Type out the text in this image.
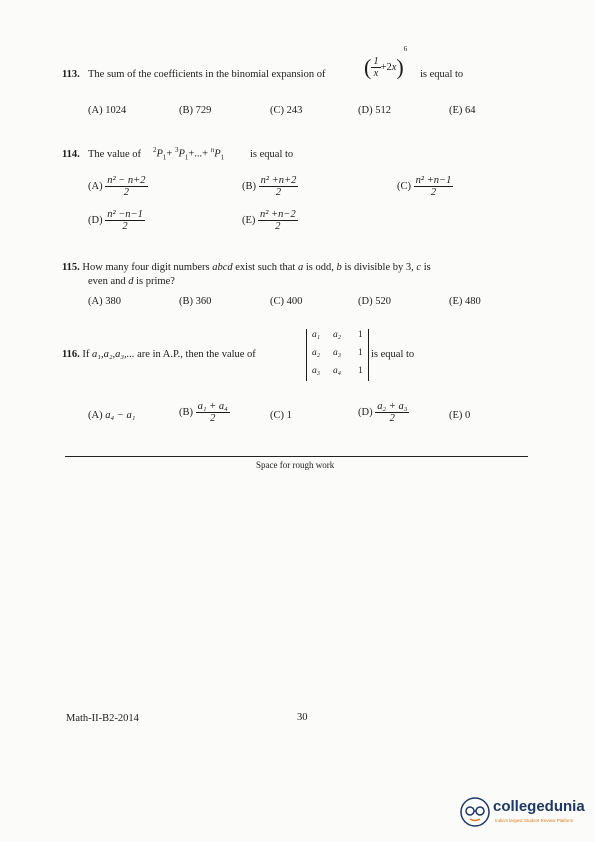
113. The sum of the coefficients in the binomial expansion of ( $\frac{1}{x} +2x)^6$
is equal to
(A) 1024	(B) 729	(C) 243	(D) 512	(E) 64
114. The value of $^2P_1+ ^3P_1+...+ ^nP_1$ is equal to
$(A) \frac{\text{n² − n+2}}{2}$	$(B) \frac{\text{n² +n+2}}{2}$	$(C) \frac{\text{n² +n−1}}{2}$
$(D) \frac{\text{n² −n−1}}{2}$	$(E) \frac{\text{n² +n−2}}{2}$
115. How many four digit numbers abcd exist such that a is odd, b is divisible by 3, c is
even and d is prime?
(A) 380	(B) 360	(C) 400	(D) 520	(E) 480
116. If a₁,a₂,a₃,... are in A.P., then the value of
a₁ a₂ 1
a₂ a₃ 1
a₃ a₄ 1
is equal to
(A) a₄ − a₁	$(B) \frac{\text{a₁ + a₄}}{2}$	(C) 1	$(D) \frac{\text{a₂ + a₃}}{2}$	(E) 0
Space for rough work
Math-II-B2-2014	30
collegedunia
India's largest Student Review Platform
